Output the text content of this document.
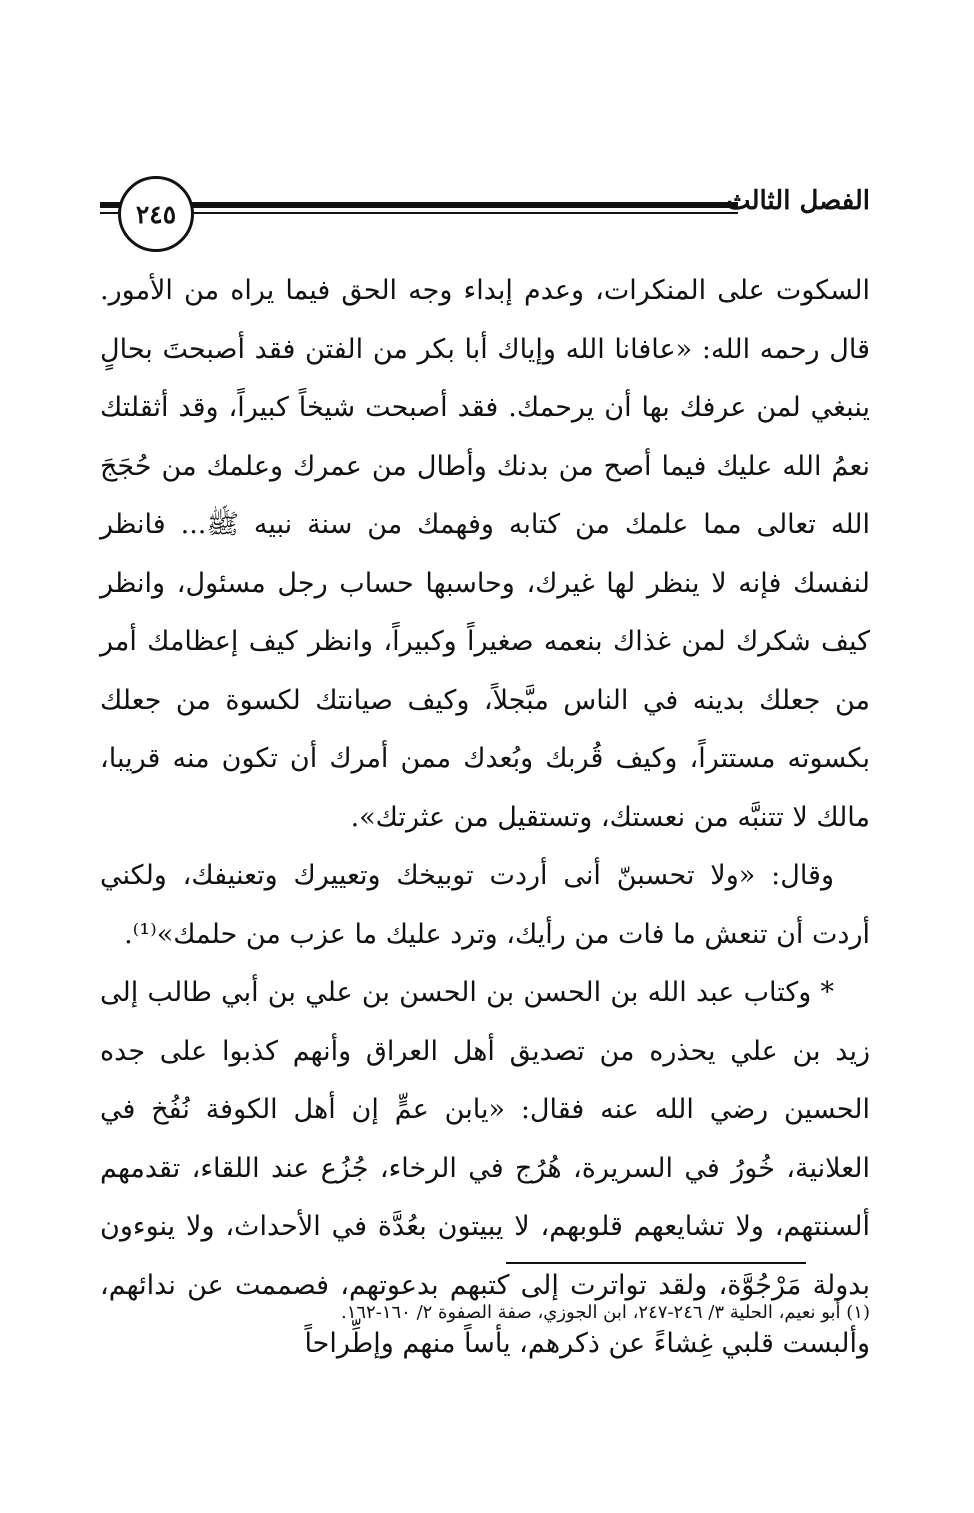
٢٤٥	الفصل الثالث

السكوت على المنكرات، وعدم إبداء وجه الحق فيما يراه من الأمور. قال رحمه الله: «عافانا الله وإياك أبا بكر من الفتن فقد أصبحتَ بحالٍ ينبغي لمن عرفك بها أن يرحمك. فقد أصبحت شيخاً كبيراً، وقد أثقلتك نعمُ الله عليك فيما أصح من بدنك وأطال من عمرك وعلمك من حُجَجَ الله تعالى مما علمك من كتابه وفهمك من سنة نبيه ﷺ... فانظر لنفسك فإنه لا ينظر لها غيرك، وحاسبها حساب رجل مسئول، وانظر كيف شكرك لمن غذاك بنعمه صغيراً وكبيراً، وانظر كيف إعظامك أمر من جعلك بدينه في الناس مبَّجلاً، وكيف صيانتك لكسوة من جعلك بكسوته مستتراً، وكيف قُربك وبُعدك ممن أمرك أن تكون منه قريبا، مالك لا تتنبَّه من نعستك، وتستقيل من عثرتك».

وقال: «ولا تحسبنّ أنى أردت توبيخك وتعييرك وتعنيفك، ولكني أردت أن تنعش ما فات من رأيك، وترد عليك ما عزب من حلمك»⁽¹⁾.

* وكتاب عبد الله بن الحسن بن الحسن بن علي بن أبي طالب إلى زيد بن علي يحذره من تصديق أهل العراق وأنهم كذبوا على جده الحسين رضي الله عنه فقال: «يابن عمٍّ إن أهل الكوفة نُفُخ في العلانية، خُورُ في السريرة، هُرُج في الرخاء، جُزُع عند اللقاء، تقدمهم ألسنتهم، ولا تشايعهم قلوبهم، لا يبيتون بعُدَّة في الأحداث، ولا ينوءون بدولة مَرْجُوَّة، ولقد تواترت إلى كتبهم بدعوتهم، فصممت عن ندائهم، وألبست قلبي غِشاءً عن ذكرهم، يأساً منهم وإطِّراحاً

(١) أبو نعيم، الحلية ٣/ ٢٤٦-٢٤٧، ابن الجوزي، صفة الصفوة ٢/ ١٦٠-١٦٢.
